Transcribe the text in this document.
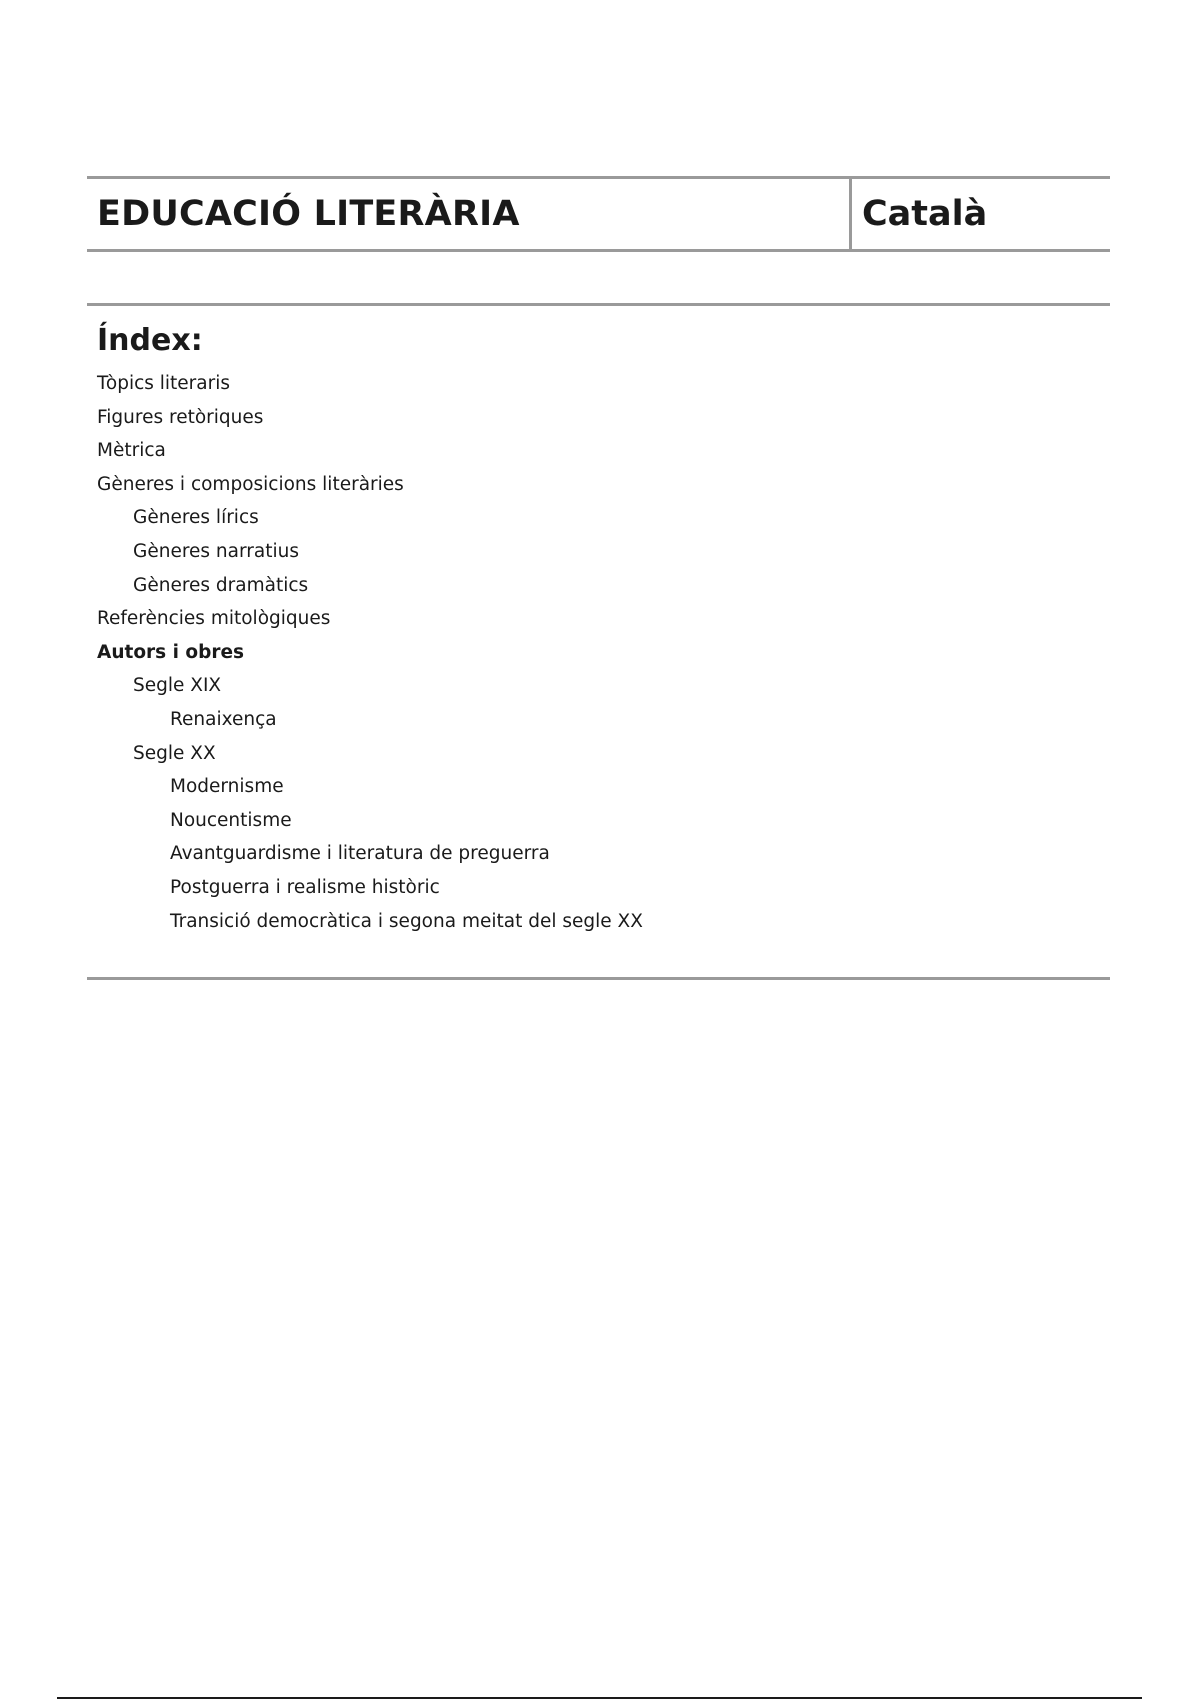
EDUCACIÓ LITERÀRIA	Català
Índex:
Tòpics literaris
Figures retòriques
Mètrica
Gèneres i composicions literàries
Gèneres lírics
Gèneres narratius
Gèneres dramàtics
Referències mitològiques
Autors i obres
Segle XIX
Renaixença
Segle XX
Modernisme
Noucentisme
Avantguardisme i literatura de preguerra
Postguerra i realisme històric
Transició democràtica i segona meitat del segle XX
